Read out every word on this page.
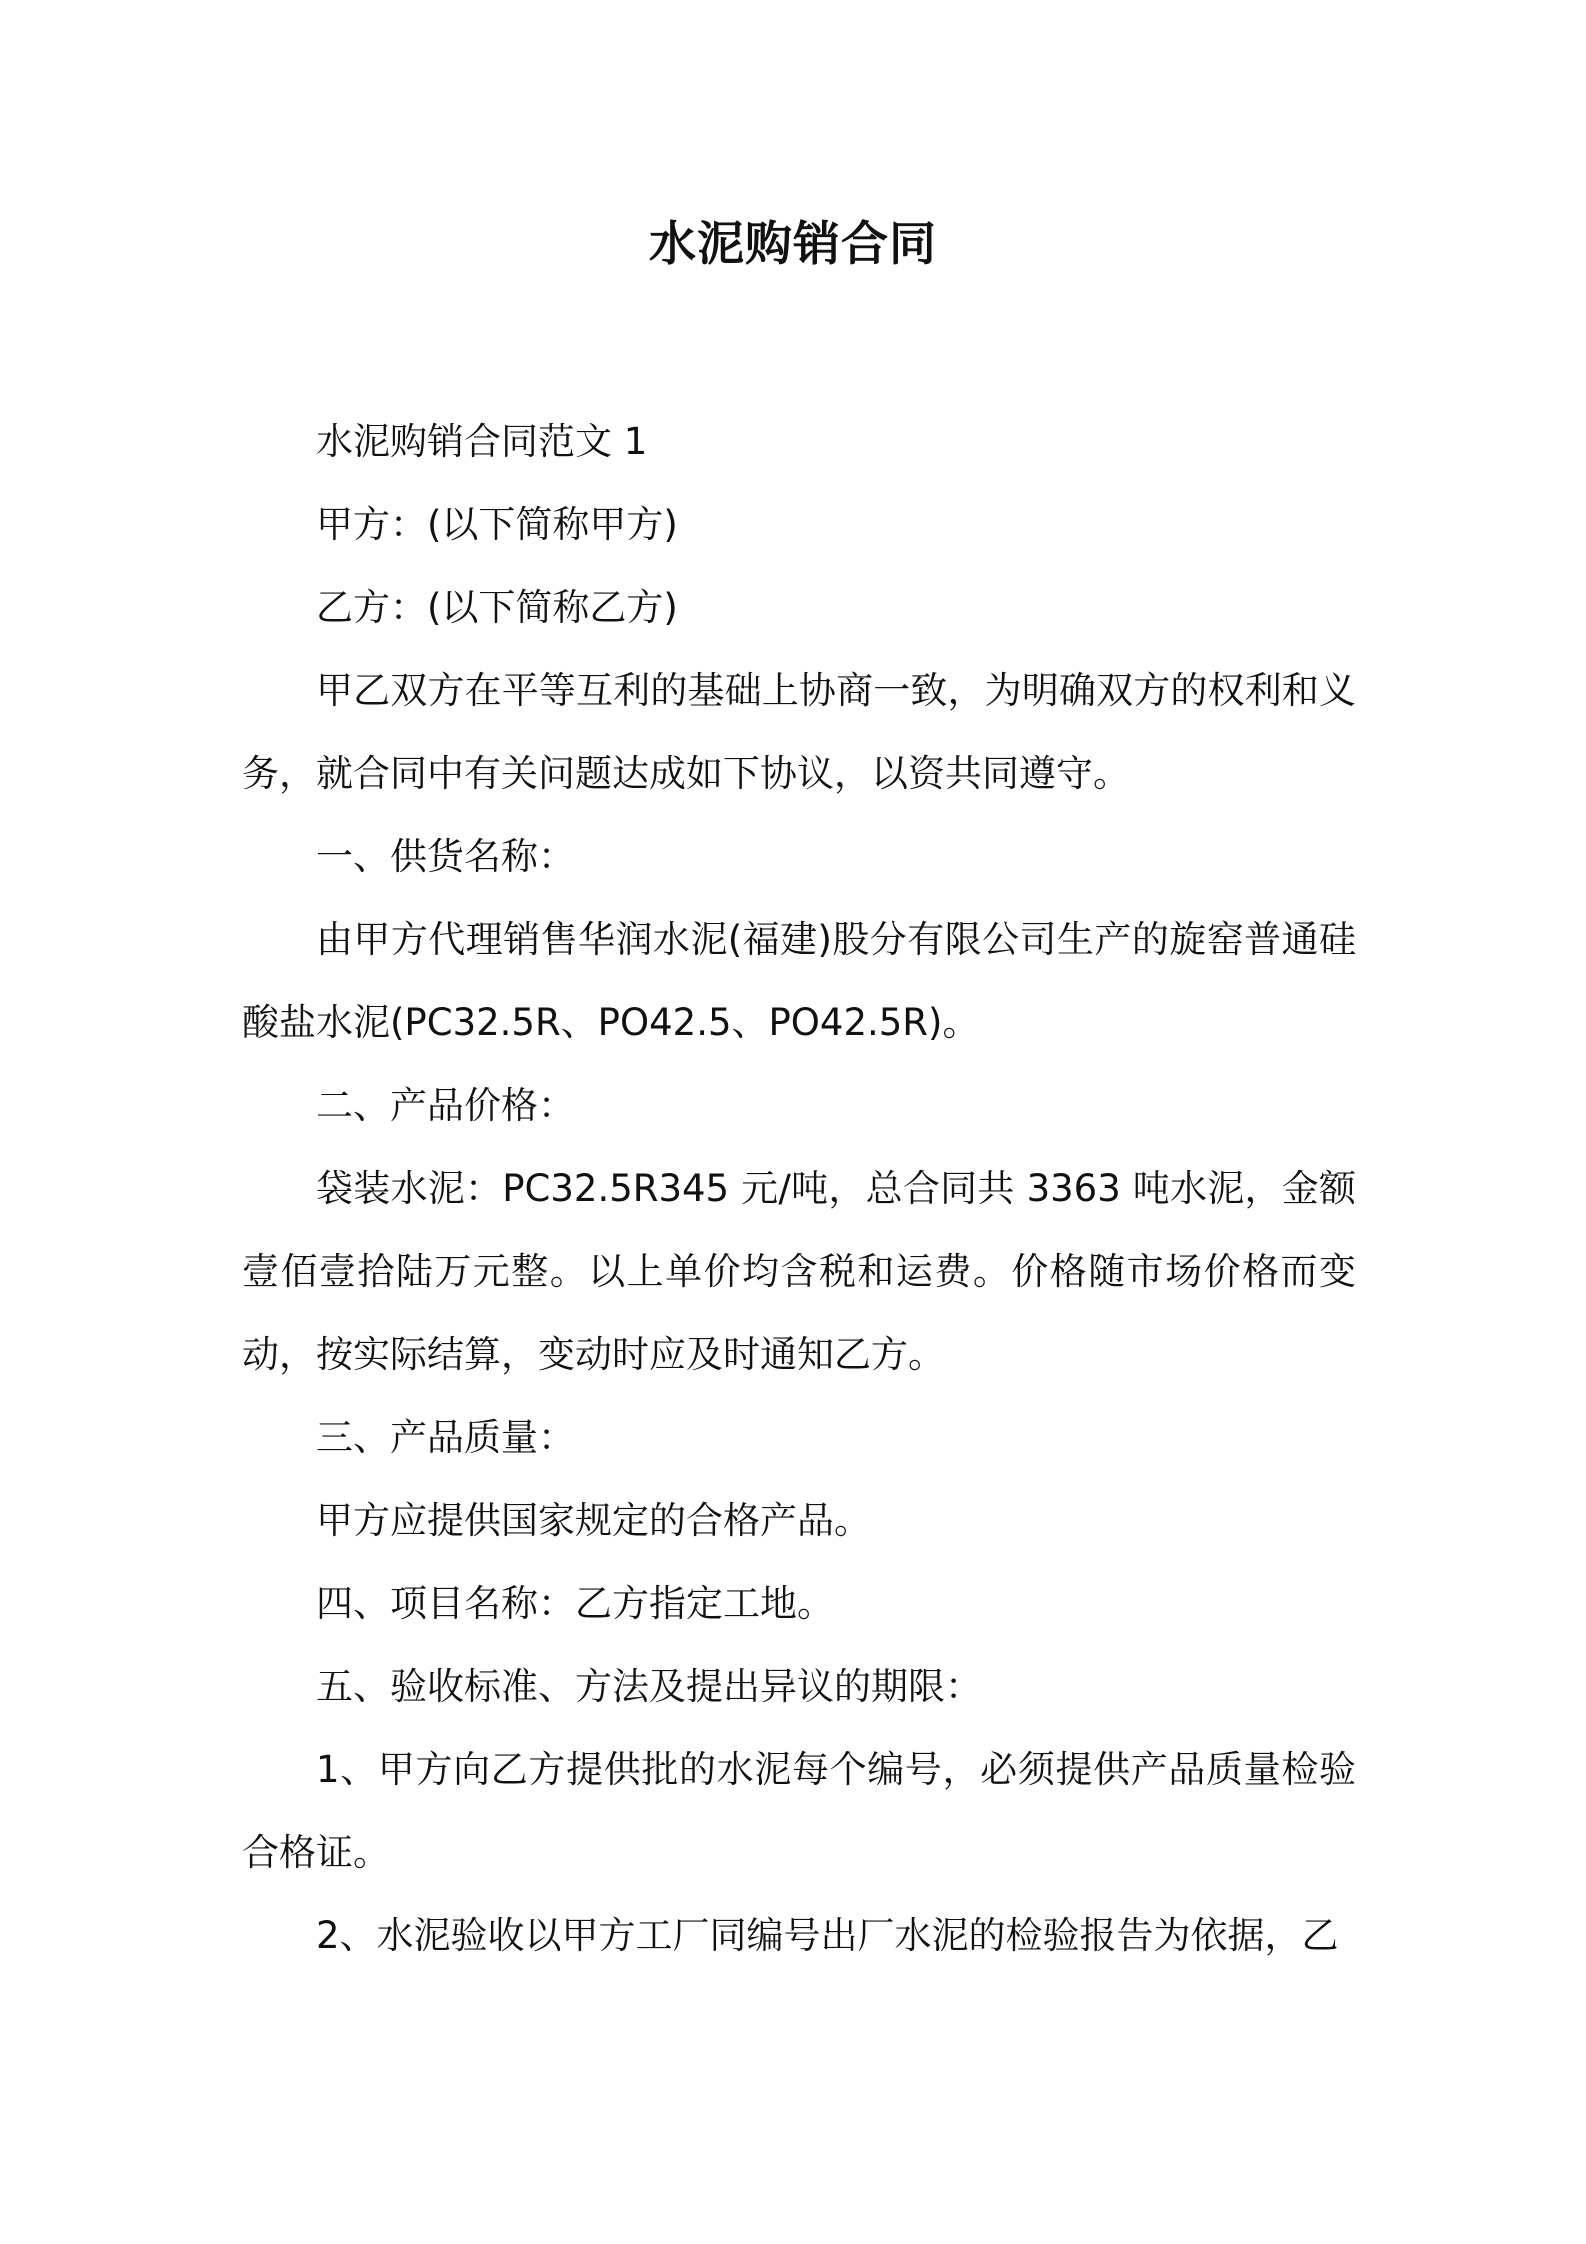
水泥购销合同

水泥购销合同范文 1

甲方：(以下简称甲方)

乙方：(以下简称乙方)

甲乙双方在平等互利的基础上协商一致，为明确双方的权利和义务，就合同中有关问题达成如下协议，以资共同遵守。

一、供货名称：

由甲方代理销售华润水泥(福建)股分有限公司生产的旋窑普通硅酸盐水泥(PC32.5R、PO42.5、PO42.5R)。

二、产品价格：

袋装水泥：PC32.5R345 元/吨，总合同共 3363 吨水泥，金额壹佰壹拾陆万元整。以上单价均含税和运费。价格随市场价格而变动，按实际结算，变动时应及时通知乙方。

三、产品质量：

甲方应提供国家规定的合格产品。

四、项目名称：乙方指定工地。

五、验收标准、方法及提出异议的期限：

1、甲方向乙方提供批的水泥每个编号，必须提供产品质量检验合格证。

2、水泥验收以甲方工厂同编号出厂水泥的检验报告为依据，乙
